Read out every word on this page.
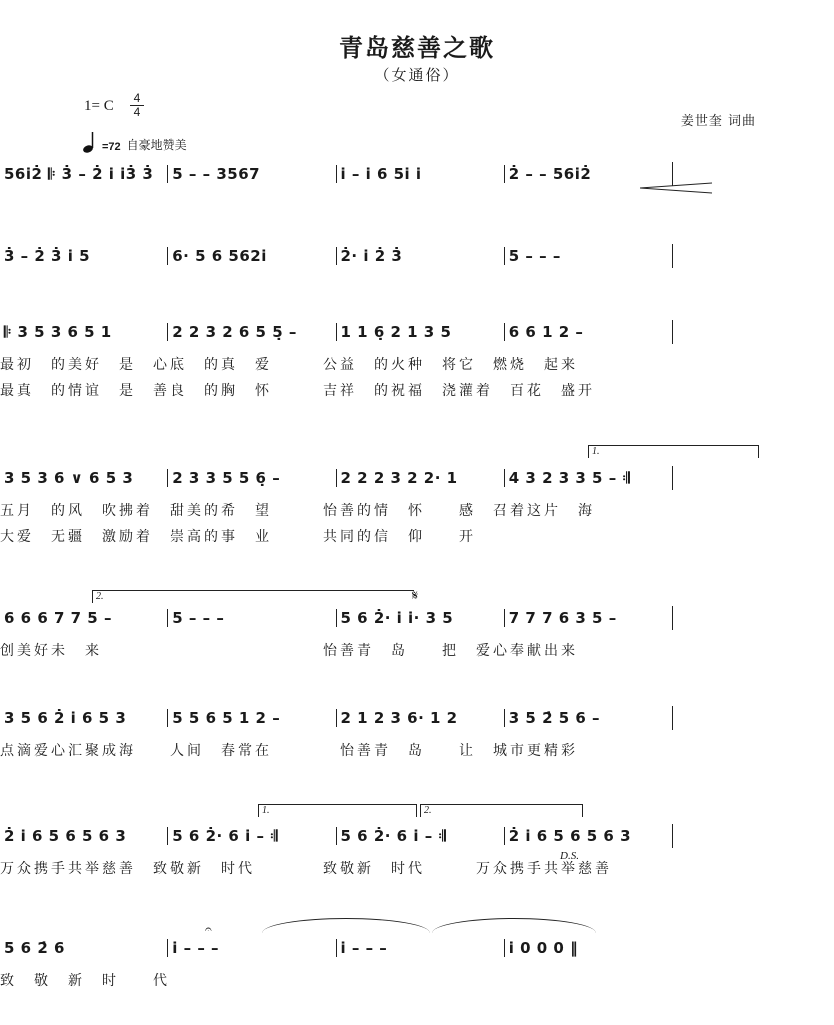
青岛慈善之歌
（女通俗）
1= C	4
4
姜世奎 词曲
=72 自豪地赞美
56i2̇ 𝄆 3̇ – 2̇ i i3̇ 3̇	5 – – 3567	i – i 6 5i i	2̇ – – 56i2̇
3̇ – 2̇ 3̇ i 5	6· 5 6 562i	2̇· i 2̇ 3̇	5 – – –
𝄆 3 5 3 6 5 1	2 2 3 2 6 5 5̣ –	1 1 6̣ 2 1 3 5	6 6 1 2 –
最初　的美好　是　心底　的真　爱　　　公益　的火种　将它　燃烧　起来
最真　的情谊　是　善良　的胸　怀　　　吉祥　的祝福　浇灌着　百花　盛开
1.
3 5 3 6 ∨ 6 5 3	2 3 3 5 5 6̣ –	2 2 2 3 2 2· 1	4 3 2 3 3 5 – 𝄇
五月　的风　吹拂着　甜美的希　望　　　怡善的情　怀　　感　召着这片　海
大爱　无疆　激励着　崇高的事　业　　　共同的信　仰　　开
2.	𝄋
6 6 6 7 7 5 –	5 – – –	5 6 2̇· i i· 3 5	7 7 7 6 3 5 –
创美好未　来　　　　　　　　　　　　　怡善青　岛　　把　爱心奉献出来
3 5 6 2̇ i 6 5 3	5 5 6 5 1 2 –	2 1 2 3 6· 1 2	3 5 2̇ 5 6 –
点滴爱心汇聚成海　　人间　春常在　　　　怡善青　岛　　让　城市更精彩
1.	2.
2̇ i 6 5 6 5 6 3	5 6 2̇· 6 i – 𝄇	5 6 2̇· 6 i – 𝄇	2̇ i 6 5 6 5 6 3
D.S.
万众携手共举慈善　致敬新　时代　　　　致敬新　时代　　　万众携手共举慈善
𝄐
5 6 2̇ 6	i – – –	i – – –	i 0 0 0 ‖
致　敬　新　时　　代
